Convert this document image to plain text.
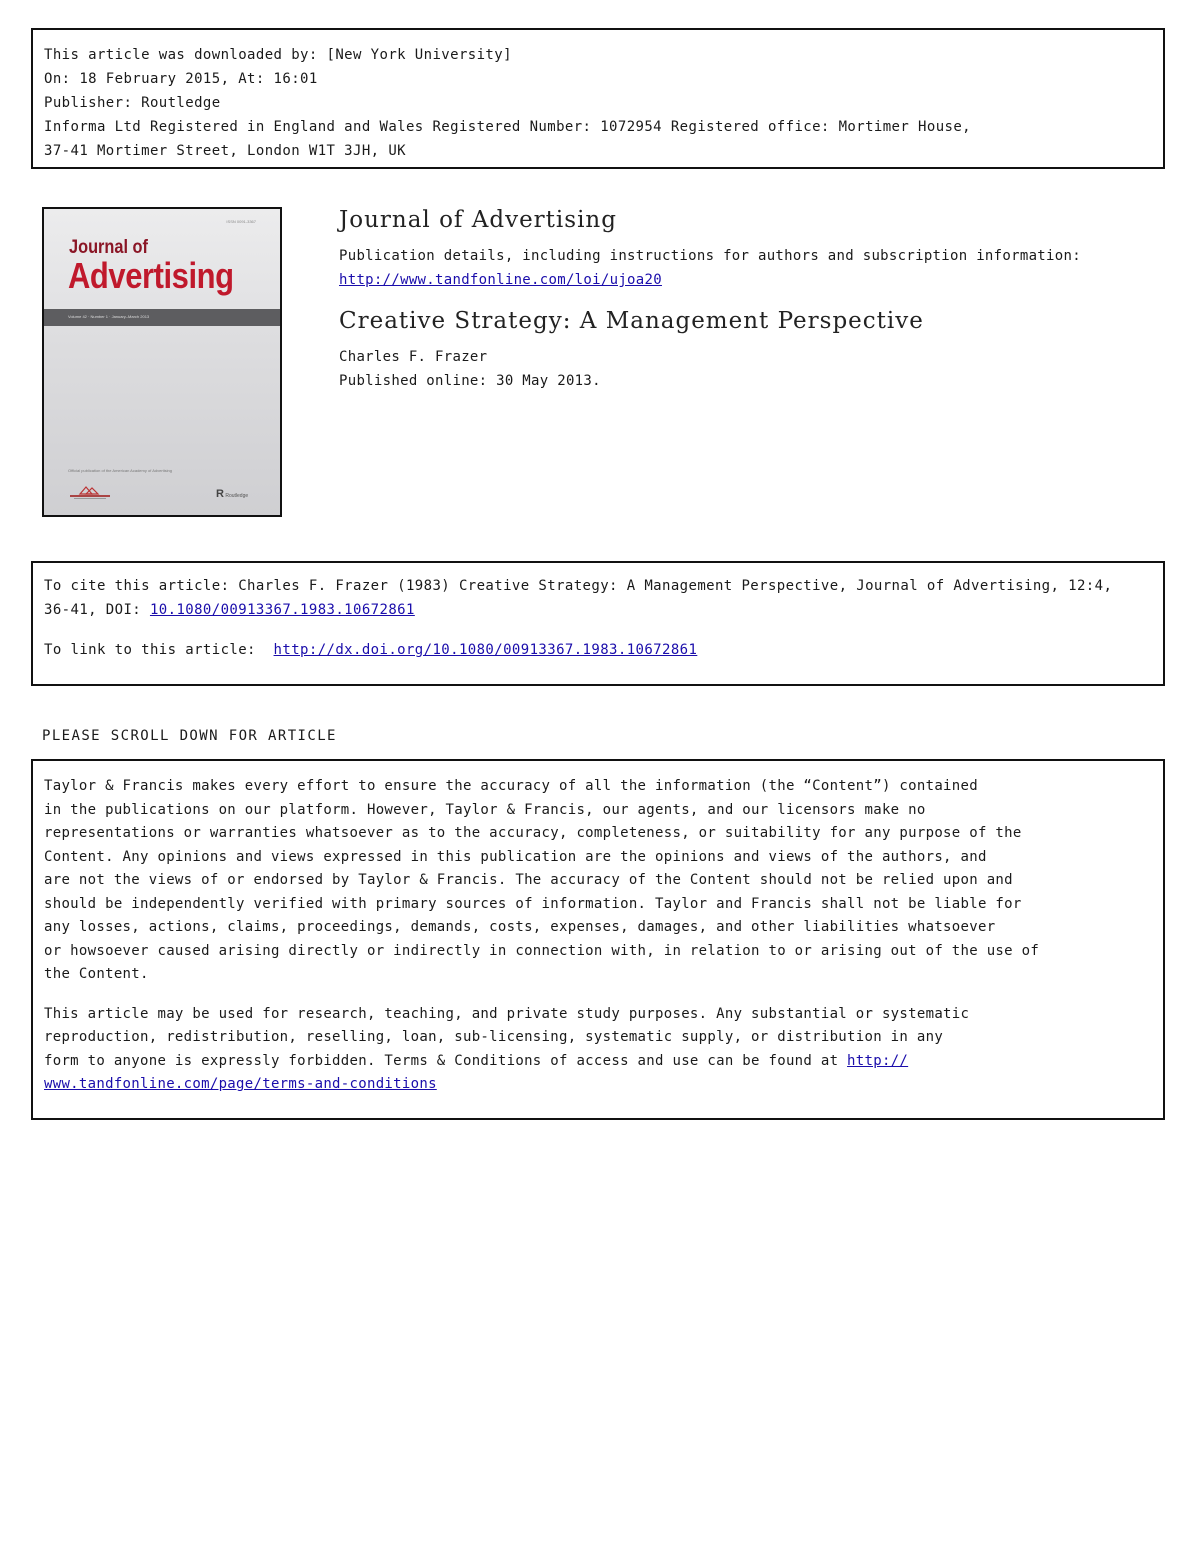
This article was downloaded by: [New York University]
On: 18 February 2015, At: 16:01
Publisher: Routledge
Informa Ltd Registered in England and Wales Registered Number: 1072954 Registered office: Mortimer House,
37-41 Mortimer Street, London W1T 3JH, UK
ISSN 0091-3367
Journal of
Advertising
Volume 42 · Number 1 · January–March 2013
Official publication of the American Academy of Advertising
R Routledge
Journal of Advertising
Publication details, including instructions for authors and subscription information:
http://www.tandfonline.com/loi/ujoa20
Creative Strategy: A Management Perspective
Charles F. Frazer
Published online: 30 May 2013.
To cite this article: Charles F. Frazer (1983) Creative Strategy: A Management Perspective, Journal of Advertising, 12:4,
36-41, DOI: 10.1080/00913367.1983.10672861
To link to this article:  http://dx.doi.org/10.1080/00913367.1983.10672861
PLEASE SCROLL DOWN FOR ARTICLE
Taylor & Francis makes every effort to ensure the accuracy of all the information (the “Content”) contained
in the publications on our platform. However, Taylor & Francis, our agents, and our licensors make no
representations or warranties whatsoever as to the accuracy, completeness, or suitability for any purpose of the
Content. Any opinions and views expressed in this publication are the opinions and views of the authors, and
are not the views of or endorsed by Taylor & Francis. The accuracy of the Content should not be relied upon and
should be independently verified with primary sources of information. Taylor and Francis shall not be liable for
any losses, actions, claims, proceedings, demands, costs, expenses, damages, and other liabilities whatsoever
or howsoever caused arising directly or indirectly in connection with, in relation to or arising out of the use of
the Content.
This article may be used for research, teaching, and private study purposes. Any substantial or systematic
reproduction, redistribution, reselling, loan, sub-licensing, systematic supply, or distribution in any
form to anyone is expressly forbidden. Terms & Conditions of access and use can be found at http://
www.tandfonline.com/page/terms-and-conditions
